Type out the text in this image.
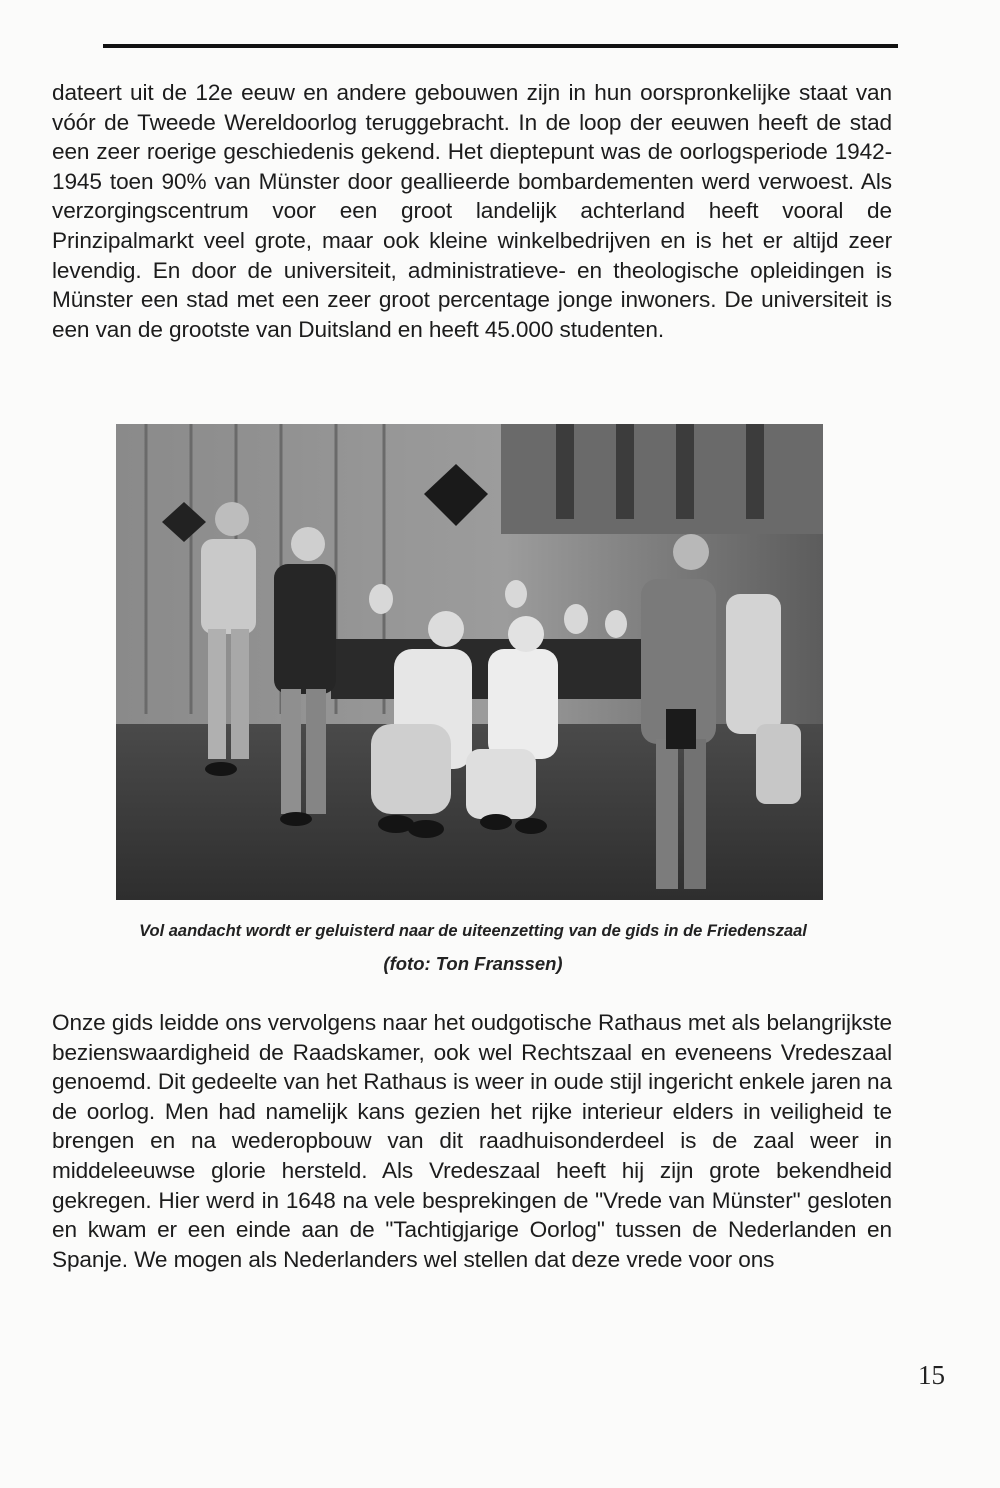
dateert uit de 12e eeuw en andere gebouwen zijn in hun oorspronkelijke staat van vóór de Tweede Wereldoorlog teruggebracht. In de loop der eeuwen heeft de stad een zeer roerige geschiedenis gekend. Het dieptepunt was de oorlogsperiode 1942-1945 toen 90% van Münster door geallieerde bombardementen werd verwoest. Als verzorgingscentrum voor een groot landelijk achterland heeft vooral de Prinzipalmarkt veel grote, maar ook kleine winkelbedrijven en is het er altijd zeer levendig. En door de universiteit, administratieve- en theologische opleidingen is Münster een stad met een zeer groot percentage jonge inwoners. De universiteit is een van de grootste van Duitsland en heeft 45.000 studenten.

Vol aandacht wordt er geluisterd naar de uiteenzetting van de gids in de Friedenszaal

(foto: Ton Franssen)

Onze gids leidde ons vervolgens naar het oudgotische Rathaus met als belangrijkste bezienswaardigheid de Raadskamer, ook wel Rechtszaal en eveneens Vredeszaal genoemd. Dit gedeelte van het Rathaus is weer in oude stijl ingericht enkele jaren na de oorlog. Men had namelijk kans gezien het rijke interieur elders in veiligheid te brengen en na wederopbouw van dit raadhuisonderdeel is de zaal weer in middeleeuwse glorie hersteld. Als Vredeszaal heeft hij zijn grote bekendheid gekregen. Hier werd in 1648 na vele besprekingen de "Vrede van Münster" gesloten en kwam er een einde aan de "Tachtigjarige Oorlog" tussen de Nederlanden en Spanje. We mogen als Nederlanders wel stellen dat deze vrede voor ons

15
